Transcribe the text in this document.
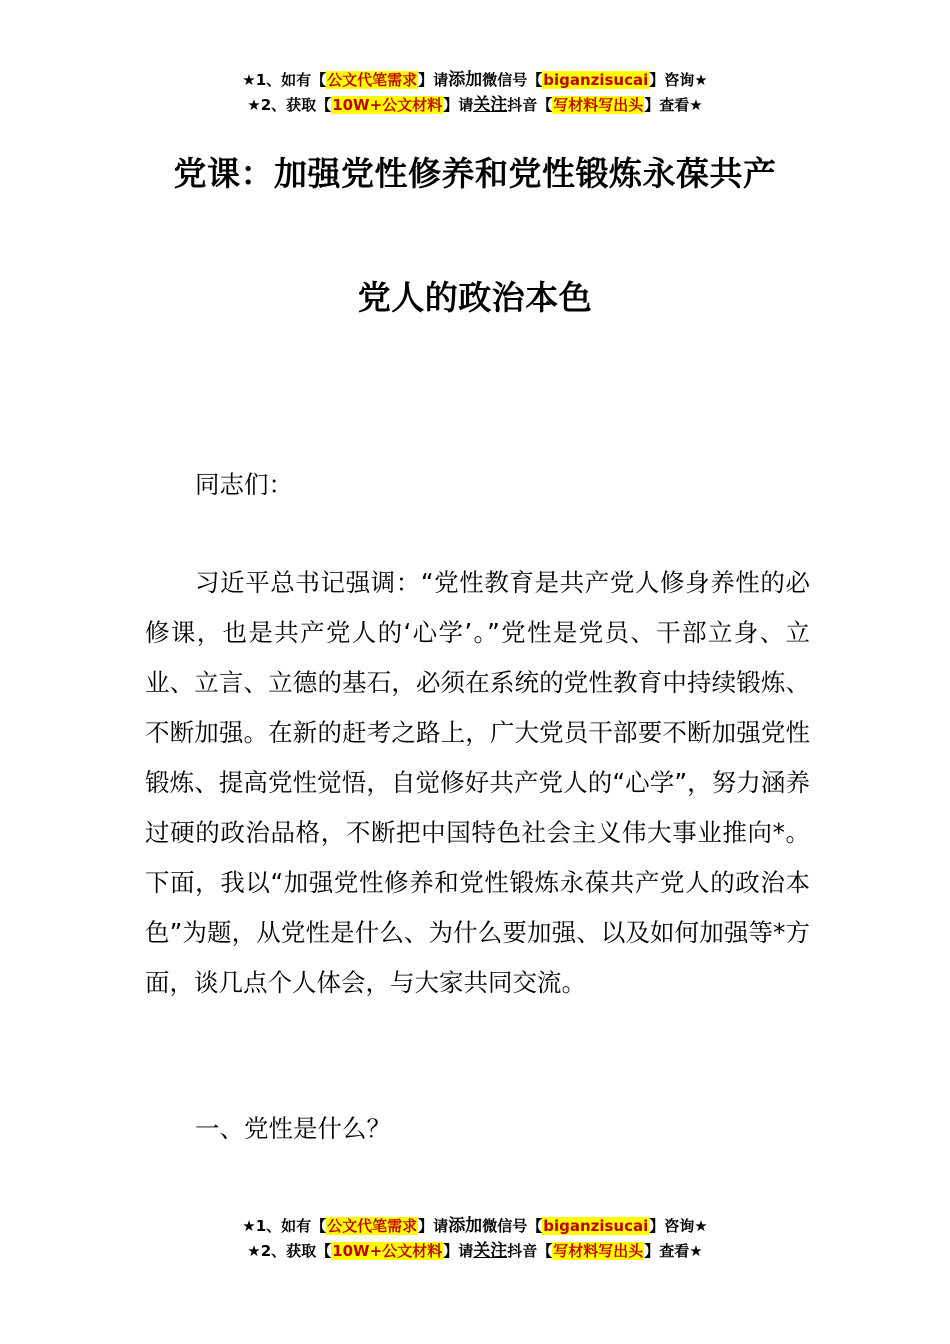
★1、如有【公文代笔需求】请添加微信号【biganzisucai】咨询★
★2、获取【10W+公文材料】请关注抖音【写材料写出头】查看★
党课：加强党性修养和党性锻炼永葆共产
党人的政治本色
同志们：
习近平总书记强调：“党性教育是共产党人修身养性的必修课，也是共产党人的‘心学’。”党性是党员、干部立身、立业、立言、立德的基石，必须在系统的党性教育中持续锻炼、不断加强。在新的赶考之路上，广大党员干部要不断加强党性锻炼、提高党性觉悟，自觉修好共产党人的“心学”，努力涵养过硬的政治品格，不断把中国特色社会主义伟大事业推向*。下面，我以“加强党性修养和党性锻炼永葆共产党人的政治本色”为题，从党性是什么、为什么要加强、以及如何加强等*方面，谈几点个人体会，与大家共同交流。
一、党性是什么？
★1、如有【公文代笔需求】请添加微信号【biganzisucai】咨询★
★2、获取【10W+公文材料】请关注抖音【写材料写出头】查看★
